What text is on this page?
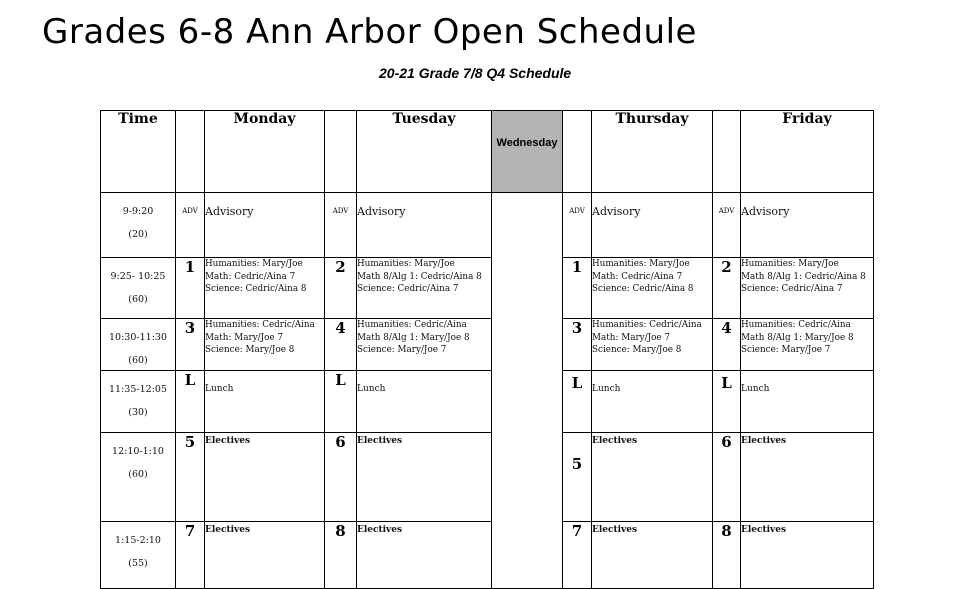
Grades 6-8 Ann Arbor Open Schedule
20-21 Grade 7/8 Q4 Schedule
Time		Monday		Tuesday	Wednesday		Thursday		Friday

9-9:20
(20)	ADV	Advisory	ADV	Advisory		ADV	Advisory	ADV	Advisory

9:25- 10:25
(60)	1	Humanities: Mary/Joe
Math: Cedric/Aina 7
Science: Cedric/Aina 8	2	Humanities: Mary/Joe
Math 8/Alg 1: Cedric/Aina 8
Science: Cedric/Aina 7		1	Humanities: Mary/Joe
Math: Cedric/Aina 7
Science: Cedric/Aina 8	2	Humanities: Mary/Joe
Math 8/Alg 1: Cedric/Aina 8
Science: Cedric/Aina 7

10:30-11:30
(60)	3	Humanities: Cedric/Aina
Math: Mary/Joe 7
Science: Mary/Joe 8	4	Humanities: Cedric/Aina
Math 8/Alg 1: Mary/Joe 8
Science: Mary/Joe 7		3	Humanities: Cedric/Aina
Math: Mary/Joe 7
Science: Mary/Joe 8	4	Humanities: Cedric/Aina
Math 8/Alg 1: Mary/Joe 8
Science: Mary/Joe 7

11:35-12:05
(30)	L	Lunch	L	Lunch		L	Lunch	L	Lunch

12:10-1:10
(60)	5	Electives	6	Electives		5	Electives	6	Electives

1:15-2:10
(55)	7	Electives	8	Electives		7	Electives	8	Electives
